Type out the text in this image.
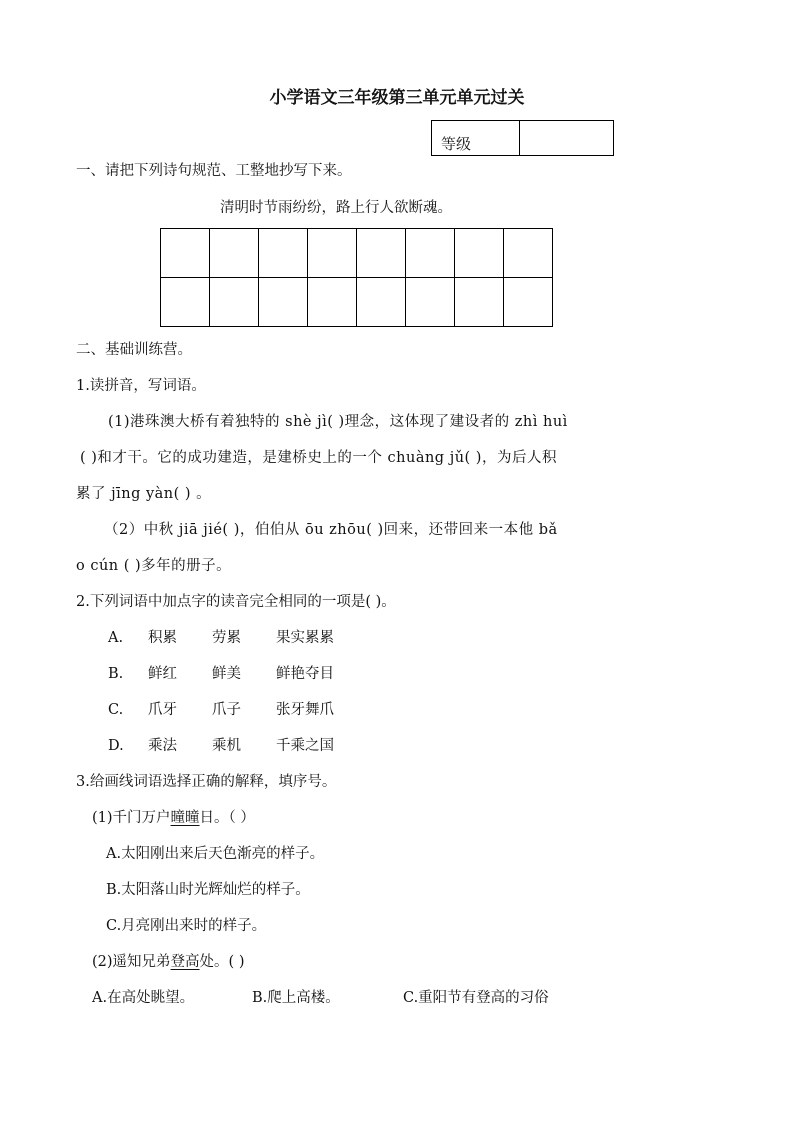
小学语文三年级第三单元单元过关
等级
一、请把下列诗句规范、工整地抄写下来。
清明时节雨纷纷，路上行人欲断魂。
二、基础训练营。
1.读拼音，写词语。
(1)港珠澳大桥有着独特的 shè jì( )理念，这体现了建设者的 zhì huì
( )和才干。它的成功建造，是建桥史上的一个 chuàng jǔ( )，为后人积
累了 jīng yàn( ) 。
（2）中秋 jiā jié( )，伯伯从 ōu zhōu( )回来，还带回来一本他 bǎ
o cún ( )多年的册子。
2.下列词语中加点字的读音完全相同的一项是( )。
A. 积累 劳累 果实累累
B. 鲜红 鲜美 鲜艳夺目
C. 爪牙 爪子 张牙舞爪
D. 乘法 乘机 千乘之国
3.给画线词语选择正确的解释，填序号。
(1)千门万户曈曈日。（ ）
A.太阳刚出来后天色渐亮的样子。
B.太阳落山时光辉灿烂的样子。
C.月亮刚出来时的样子。
(2)遥知兄弟登高处。( )
A.在高处眺望。	B.爬上高楼。	C.重阳节有登高的习俗
